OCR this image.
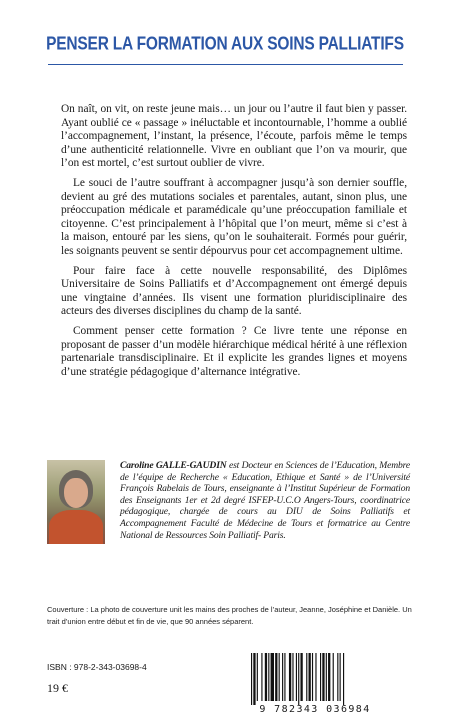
PENSER LA FORMATION AUX SOINS PALLIATIFS

On naît, on vit, on reste jeune mais… un jour ou l’autre il faut bien y passer. Ayant oublié ce « passage » inéluctable et incontournable, l’homme a oublié l’accompagnement, l’instant, la présence, l’écoute, parfois même le temps d’une authenticité relationnelle. Vivre en oubliant que l’on va mourir, que l’on est mortel, c’est surtout oublier de vivre.

Le souci de l’autre souffrant à accompagner jusqu’à son dernier souffle, devient au gré des mutations sociales et parentales, autant, sinon plus, une préoccupation médicale et paramédicale qu’une préoccupation familiale et citoyenne. C’est principalement à l’hôpital que l’on meurt, même si c’est à la maison, entouré par les siens, qu’on le souhaiterait. Formés pour guérir, les soignants peuvent se sentir dépourvus pour cet accompagnement ultime.

Pour faire face à cette nouvelle responsabilité, des Diplômes Universitaire de Soins Palliatifs et d’Accompagnement ont émergé depuis une vingtaine d’années. Ils visent une formation pluridisciplinaire des acteurs des diverses disciplines du champ de la santé.

Comment penser cette formation ? Ce livre tente une réponse en proposant de passer d’un modèle hiérarchique médical hérité à une réflexion partenariale transdisciplinaire. Et il explicite les grandes lignes et moyens d’une stratégie pédagogique d’alternance intégrative.

Caroline GALLE-GAUDIN est Docteur en Sciences de l’Education, Membre de l’équipe de Recherche « Education, Ethique et Santé » de l’Université François Rabelais de Tours, enseignante à l’Institut Supérieur de Formation des Enseignants 1er et 2d degré ISFEP-U.C.O Angers-Tours, coordinatrice pédagogique, chargée de cours au DIU de Soins Palliatifs et Accompagnement Faculté de Médecine de Tours et formatrice au Centre National de Ressources Soin Palliatif- Paris.
Couverture : La photo de couverture unit les mains des proches de l’auteur, Jeanne, Joséphine et Danièle. Un trait d’union entre début et fin de vie, que 90 années séparent.
ISBN : 978-2-343-03698-4
19 €
9 782343 036984
